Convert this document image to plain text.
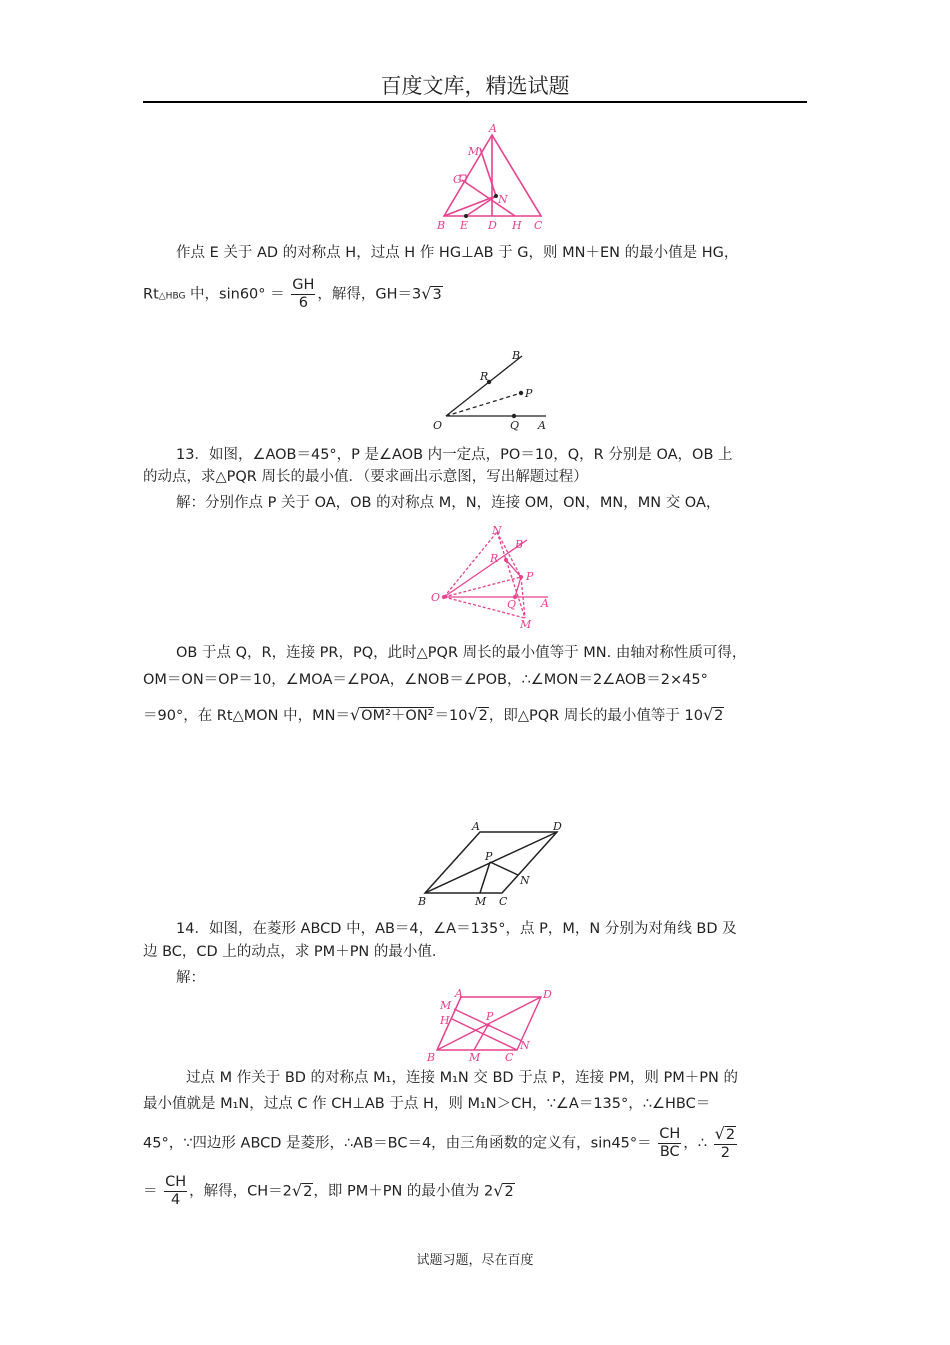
百度文库，精选试题
A
M
G
N
B E D H C
作点 E 关于 AD 的对称点 H，过点 H 作 HG⊥AB 于 G，则 MN＋EN 的最小值是 HG，
Rt△HBG 中，$\sin 60^\circ = \frac{GH}{6}$ ，解得，GH＝3√3
B
R
P
O	Q A
13．如图，∠AOB＝45°，P 是∠AOB 内一定点，PO＝10，Q，R 分别是 OA，OB 上
的动点，求△PQR 周长的最小值．（要求画出示意图，写出解题过程）
解：分别作点 P 关于 OA，OB 的对称点 M，N，连接 OM，ON，MN，MN 交 OA，
N
R
B
P
O
Q A
M
OB 于点 Q，R，连接 PR，PQ，此时△PQR 周长的最小值等于 MN. 由轴对称性质可得，
OM＝ON＝OP＝10，∠MOA＝∠POA，∠NOB＝∠POB，∴∠MON＝2∠AOB＝2×45°
＝90°，在 Rt△MON 中，MN＝√OM²＋ON²＝10√2，即△PQR 周长的最小值等于 10√2
A	D
P
N
B	M C
14．如图，在菱形 ABCD 中，AB＝4，∠A＝135°，点 P，M，N 分别为对角线 BD 及
边 BC，CD 上的动点，求 PM＋PN 的最小值.
解：
A	D
M
H	P
B	M C
N
过点 M 作关于 BD 的对称点 M₁，连接 M₁N 交 BD 于点 P，连接 PM，则 PM＋PN 的
最小值就是 M₁N，过点 C 作 CH⊥AB 于点 H，则 M₁N＞CH，∵∠A＝135°，∴∠HBC＝
45°，∵四边形 ABCD 是菱形，∴AB＝BC＝4，由三角函数的定义有，$\sin 45^\circ= \frac{CH}{BC}$ ，∴ $\frac{√2}{2}$
＝ $\frac{CH}{4}$ ，解得，CH＝2√2，即 PM＋PN 的最小值为 2√2
试题习题，尽在百度
